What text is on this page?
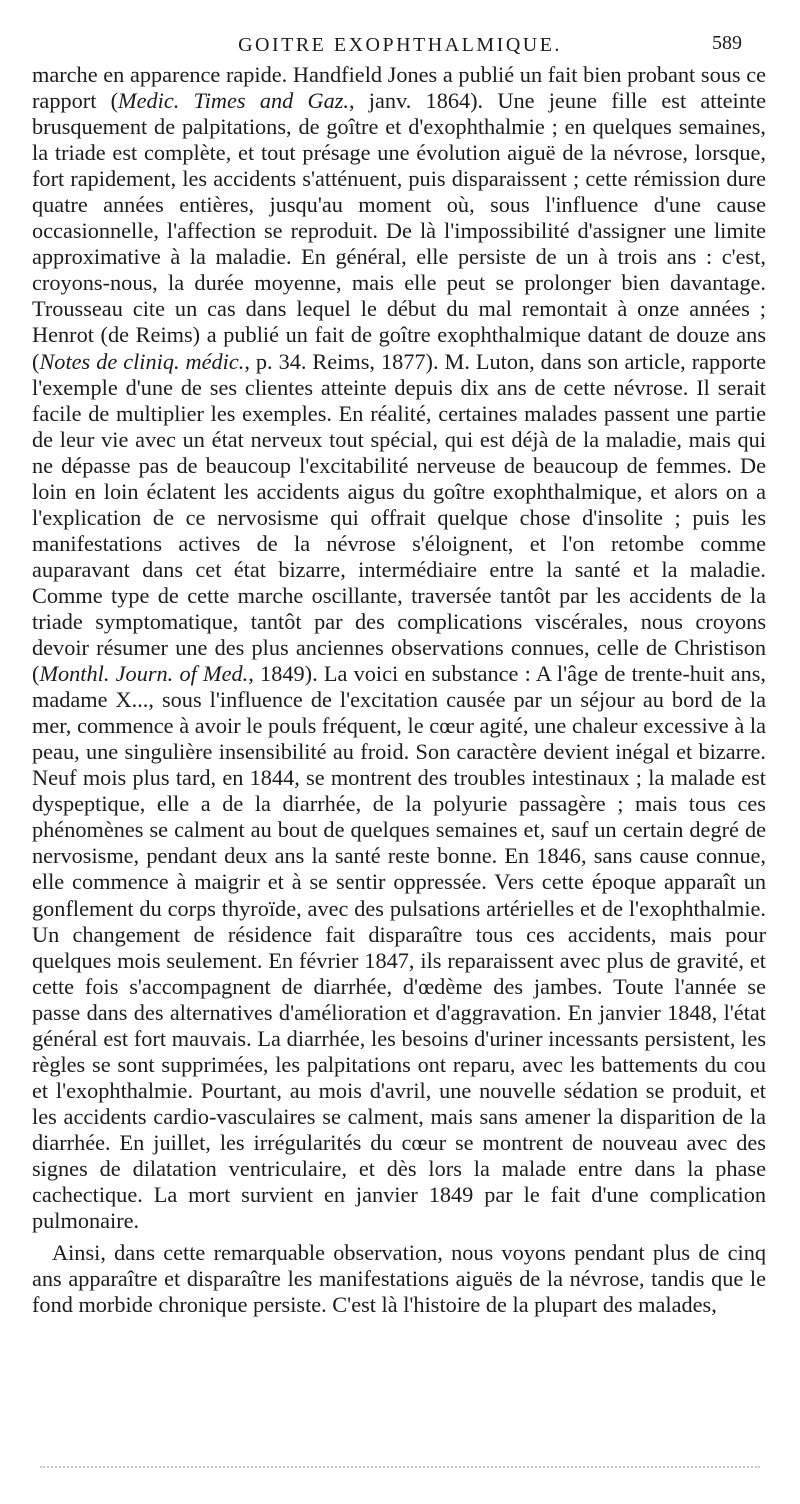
GOITRE EXOPHTHALMIQUE.	589

marche en apparence rapide. Handfield Jones a publié un fait bien probant sous ce rapport (Medic. Times and Gaz., janv. 1864). Une jeune fille est atteinte brusquement de palpitations, de goître et d'exophthalmie ; en quelques semaines, la triade est complète, et tout présage une évolution aiguë de la névrose, lorsque, fort rapidement, les accidents s'atténuent, puis disparaissent ; cette rémission dure quatre années entières, jusqu'au moment où, sous l'influence d'une cause occasionnelle, l'affection se reproduit. De là l'impossibilité d'assigner une limite approximative à la maladie. En général, elle persiste de un à trois ans : c'est, croyons-nous, la durée moyenne, mais elle peut se prolonger bien davantage. Trousseau cite un cas dans lequel le début du mal remontait à onze années ; Henrot (de Reims) a publié un fait de goître exophthalmique datant de douze ans (Notes de cliniq. médic., p. 34. Reims, 1877). M. Luton, dans son article, rapporte l'exemple d'une de ses clientes atteinte depuis dix ans de cette névrose. Il serait facile de multiplier les exemples. En réalité, certaines malades passent une partie de leur vie avec un état nerveux tout spécial, qui est déjà de la maladie, mais qui ne dépasse pas de beaucoup l'excitabilité nerveuse de beaucoup de femmes. De loin en loin éclatent les accidents aigus du goître exophthalmique, et alors on a l'explication de ce nervosisme qui offrait quelque chose d'insolite ; puis les manifestations actives de la névrose s'éloignent, et l'on retombe comme auparavant dans cet état bizarre, intermédiaire entre la santé et la maladie. Comme type de cette marche oscillante, traversée tantôt par les accidents de la triade symptomatique, tantôt par des complications viscérales, nous croyons devoir résumer une des plus anciennes observations connues, celle de Christison (Monthl. Journ. of Med., 1849). La voici en substance : A l'âge de trente-huit ans, madame X..., sous l'influence de l'excitation causée par un séjour au bord de la mer, commence à avoir le pouls fréquent, le cœur agité, une chaleur excessive à la peau, une singulière insensibilité au froid. Son caractère devient inégal et bizarre. Neuf mois plus tard, en 1844, se montrent des troubles intestinaux ; la malade est dyspeptique, elle a de la diarrhée, de la polyurie passagère ; mais tous ces phénomènes se calment au bout de quelques semaines et, sauf un certain degré de nervosisme, pendant deux ans la santé reste bonne. En 1846, sans cause connue, elle commence à maigrir et à se sentir oppressée. Vers cette époque apparaît un gonflement du corps thyroïde, avec des pulsations artérielles et de l'exophthalmie. Un changement de résidence fait disparaître tous ces accidents, mais pour quelques mois seulement. En février 1847, ils reparaissent avec plus de gravité, et cette fois s'accompagnent de diarrhée, d'œdème des jambes. Toute l'année se passe dans des alternatives d'amélioration et d'aggravation. En janvier 1848, l'état général est fort mauvais. La diarrhée, les besoins d'uriner incessants persistent, les règles se sont supprimées, les palpitations ont reparu, avec les battements du cou et l'exophthalmie. Pourtant, au mois d'avril, une nouvelle sédation se produit, et les accidents cardio-vasculaires se calment, mais sans amener la disparition de la diarrhée. En juillet, les irrégularités du cœur se montrent de nouveau avec des signes de dilatation ventriculaire, et dès lors la malade entre dans la phase cachectique. La mort survient en janvier 1849 par le fait d'une complication pulmonaire.

Ainsi, dans cette remarquable observation, nous voyons pendant plus de cinq ans apparaître et disparaître les manifestations aiguës de la névrose, tandis que le fond morbide chronique persiste. C'est là l'histoire de la plupart des malades,
